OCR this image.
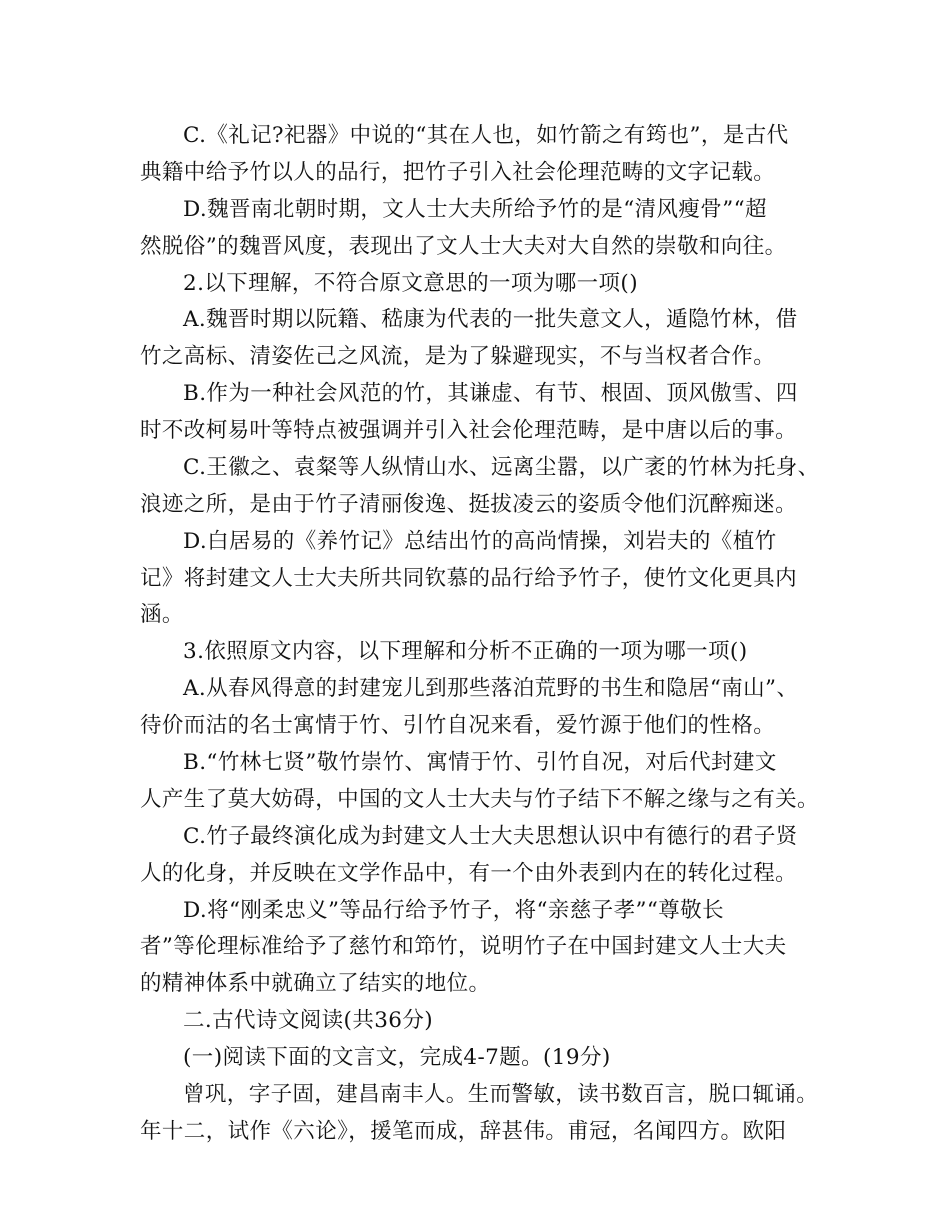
C.《礼记?祀器》中说的“其在人也，如竹箭之有筠也”，是古代
典籍中给予竹以人的品行，把竹子引入社会伦理范畴的文字记载。
D.魏晋南北朝时期，文人士大夫所给予竹的是“清风瘦骨”“超
然脱俗”的魏晋风度，表现出了文人士大夫对大自然的崇敬和向往。
2.以下理解，不符合原文意思的一项为哪一项()
A.魏晋时期以阮籍、嵇康为代表的一批失意文人，遁隐竹林，借
竹之高标、清姿佐己之风流，是为了躲避现实，不与当权者合作。
B.作为一种社会风范的竹，其谦虚、有节、根固、顶风傲雪、四
时不改柯易叶等特点被强调并引入社会伦理范畴，是中唐以后的事。
C.王徽之、袁粲等人纵情山水、远离尘嚣，以广袤的竹林为托身、
浪迹之所，是由于竹子清丽俊逸、挺拔凌云的姿质令他们沉醉痴迷。
D.白居易的《养竹记》总结出竹的高尚情操，刘岩夫的《植竹
记》将封建文人士大夫所共同钦慕的品行给予竹子，使竹文化更具内
涵。
3.依照原文内容，以下理解和分析不正确的一项为哪一项()
A.从春风得意的封建宠儿到那些落泊荒野的书生和隐居“南山”、
待价而沽的名士寓情于竹、引竹自况来看，爱竹源于他们的性格。
B.“竹林七贤”敬竹崇竹、寓情于竹、引竹自况，对后代封建文
人产生了莫大妨碍，中国的文人士大夫与竹子结下不解之缘与之有关。
C.竹子最终演化成为封建文人士大夫思想认识中有德行的君子贤
人的化身，并反映在文学作品中，有一个由外表到内在的转化过程。
D.将“刚柔忠义”等品行给予竹子，将“亲慈子孝”“尊敬长
者”等伦理标准给予了慈竹和笻竹，说明竹子在中国封建文人士大夫
的精神体系中就确立了结实的地位。
二.古代诗文阅读(共36分)
(一)阅读下面的文言文，完成4-7题。(19分)
曾巩，字子固，建昌南丰人。生而警敏，读书数百言，脱口辄诵。
年十二，试作《六论》，援笔而成，辞甚伟。甫冠，名闻四方。欧阳
